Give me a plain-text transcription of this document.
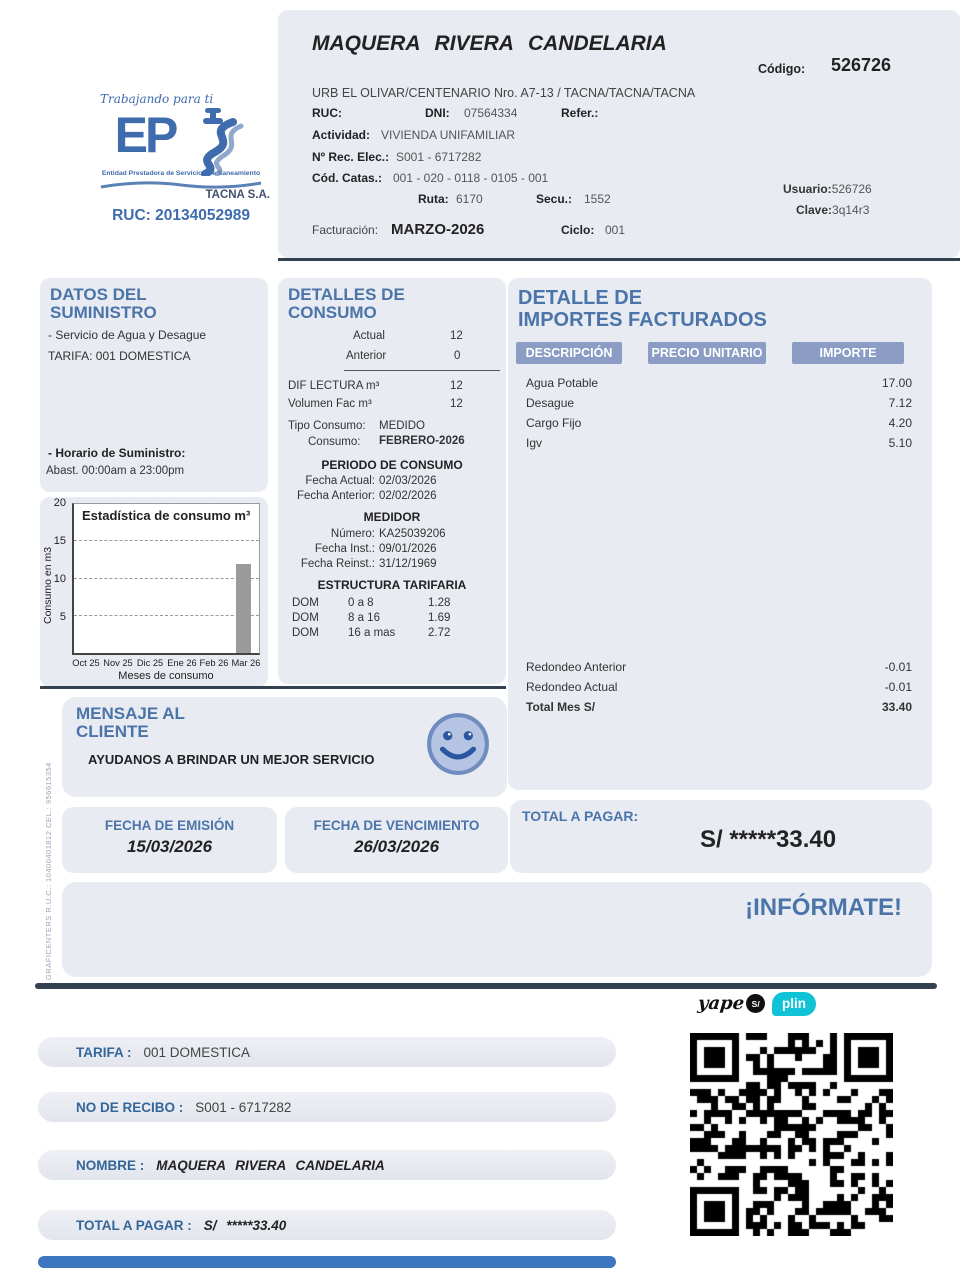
GRAFICENTERS R.U.C.: 10400401812 CEL.: 956615354
Trabajando para ti
EP
Entidad Prestadora de Servicios de Saneamiento
TACNA S.A.
RUC: 20134052989
MAQUERA RIVERA CANDELARIA
Código: 526726
URB EL OLIVAR/CENTENARIO Nro. A7-13 / TACNA/TACNA/TACNA
RUC:	DNI: 07564334	Refer.:
Actividad: VIVIENDA UNIFAMILIAR
Nº Rec. Elec.: S001 - 6717282
Cód. Catas.: 001 - 020 - 0118 - 0105 - 001
Ruta: 6170	Secu.: 1552
Usuario: 526726
Clave: 3q14r3
Facturación: MARZO-2026	Ciclo: 001
DATOS DEL
SUMINISTRO
- Servicio de Agua y Desague
TARIFA: 001 DOMESTICA
- Horario de Suministro:
Abast. 00:00am a 23:00pm
Estadística de consumo m³
5
10
15
20
Consumo en m3
Oct 25 Nov 25 Dic 25 Ene 26 Feb 26 Mar 26
Meses de consumo
DETALLES DE
CONSUMO
Actual	12
Anterior	0
DIF LECTURA m³	12
Volumen Fac m³	12
Tipo Consumo: MEDIDO
Consumo: FEBRERO-2026
PERIODO DE CONSUMO
Fecha Actual: 02/03/2026
Fecha Anterior: 02/02/2026
MEDIDOR
Número: KA25039206
Fecha Inst.: 09/01/2026
Fecha Reinst.: 31/12/1969
ESTRUCTURA TARIFARIA
DOM	0 a 8	1.28
DOM	8 a 16	1.69
DOM	16 a mas	2.72
DETALLE DE
IMPORTES FACTURADOS
DESCRIPCIÓN	PRECIO UNITARIO	IMPORTE
Agua Potable	17.00
Desague	7.12
Cargo Fijo	4.20
Igv	5.10
Redondeo Anterior	-0.01
Redondeo Actual	-0.01
Total Mes S/	33.40
MENSAJE AL
CLIENTE
AYUDANOS A BRINDAR UN MEJOR SERVICIO
FECHA DE EMISIÓN
15/03/2026
FECHA DE VENCIMIENTO
26/03/2026
TOTAL A PAGAR:
S/ *****33.40
¡INFÓRMATE!
yape S/	plin
TARIFA : 001 DOMESTICA
NO DE RECIBO : S001 - 6717282
NOMBRE : MAQUERA RIVERA CANDELARIA
TOTAL A PAGAR : S/ *****33.40
